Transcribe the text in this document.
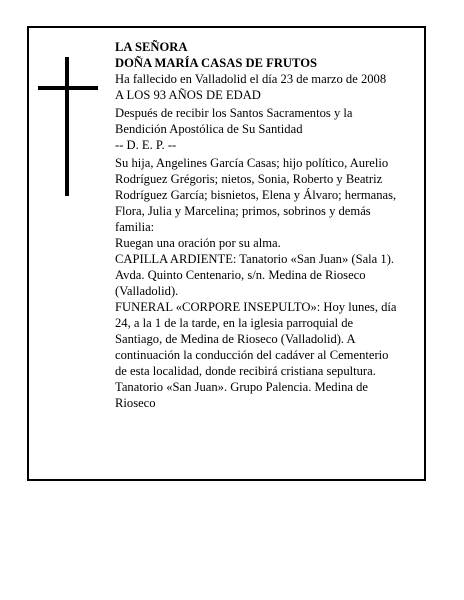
LA SEÑORA
DOÑA MARÍA CASAS DE FRUTOS
Ha fallecido en Valladolid el día 23 de marzo de 2008
A LOS 93 AÑOS DE EDAD
Después de recibir los Santos Sacramentos y la
Bendición Apostólica de Su Santidad
-- D. E. P. --
Su hija, Angelines García Casas; hijo político, Aurelio
Rodríguez Grégoris; nietos, Sonia, Roberto y Beatriz
Rodríguez García; bisnietos, Elena y Álvaro; hermanas,
Flora, Julia y Marcelina; primos, sobrinos y demás
familia:
Ruegan una oración por su alma.
CAPILLA ARDIENTE: Tanatorio «San Juan» (Sala 1).
Avda. Quinto Centenario, s/n. Medina de Rioseco
(Valladolid).
FUNERAL «CORPORE INSEPULTO»: Hoy lunes, día
24, a la 1 de la tarde, en la iglesia parroquial de
Santiago, de Medina de Rioseco (Valladolid). A
continuación la conducción del cadáver al Cementerio
de esta localidad, donde recibirá cristiana sepultura.
Tanatorio «San Juan». Grupo Palencia. Medina de
Rioseco
